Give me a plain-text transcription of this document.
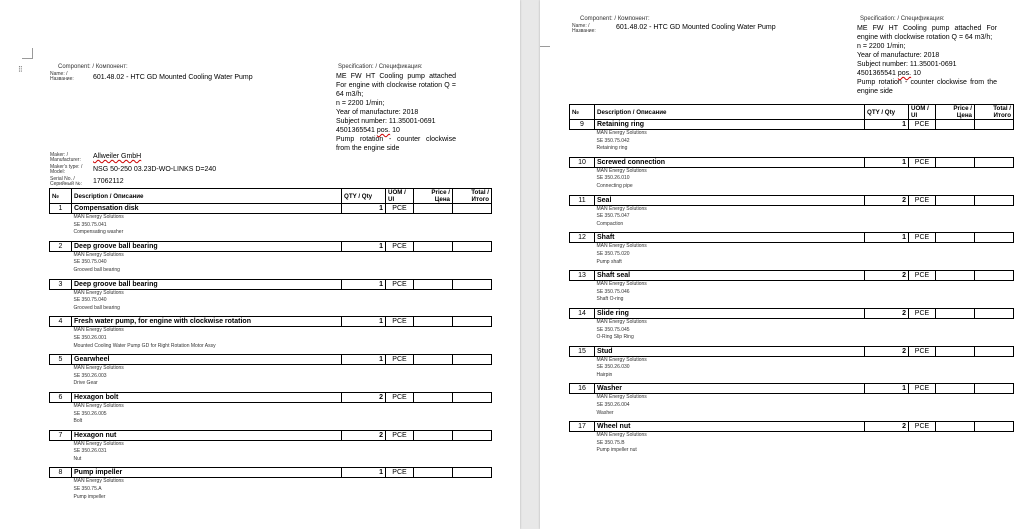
⁝⁝	Component: / Компонент:
Name: / Название:	601.48.02 - HTC GD Mounted Cooling Water Pump
Specification: / Спецификация:

ME FW HT Cooling pump attached For engine with clockwise rotation Q = 64 m3/h;

n = 2200 1/min;

Year of manufacture: 2018

Subject number: 11.35001-0691

4501365541 pos. 10

Pump rotation - counter clockwise from the engine side

Maker: / Manufacturer:
Allweiler GmbH
Maker's type: / Model:	NSG 50-250 03.23D-WO-LINKS D=240
Serial No. / Серийный №:	17062112
№	Description / Описание	QTY / Qty	UOM / UI	Price / Цена	Total / Итого
1	Compensation disk	1	PCE		
	MAN Energy Solutions				
	SE 350.75.041				
	Compensating washer				

2	Deep groove ball bearing	1	PCE		
	MAN Energy Solutions				
	SE 350.75.040				
	Grooved ball bearing				

3	Deep groove ball bearing	1	PCE		
	MAN Energy Solutions				
	SE 350.75.040				
	Grooved ball bearing				

4	Fresh water pump, for engine with clockwise rotation	1	PCE		
	MAN Energy Solutions				
	SE 350.26.001				
	Mounted Cooling Water Pump GD for Right Rotation Motor Assy				

5	Gearwheel	1	PCE		
	MAN Energy Solutions				
	SE 350.26.003				
	Drive Gear				

6	Hexagon bolt	2	PCE		
	MAN Energy Solutions				
	SE 350.26.005				
	Bolt				

7	Hexagon nut	2	PCE		
	MAN Energy Solutions				
	SE 350.26.031				
	Nut				

8	Pump impeller	1	PCE		
	MAN Energy Solutions				
	SE 350.75.A				
	Pump impeller				
Component: / Компонент:
Name: / Название:
601.48.02 - HTC GD Mounted Cooling Water Pump
Specification: / Спецификация:

ME FW HT Cooling pump attached For engine with clockwise rotation Q = 64 m3/h;

n = 2200 1/min;

Year of manufacture: 2018

Subject number: 11.35001-0691

4501365541 pos. 10

Pump rotation - counter clockwise from the engine side

№	Description / Описание	QTY / Qty	UOM / UI	Price / Цена	Total / Итого
9	Retaining ring	1	PCE		
	MAN Energy Solutions				
	SE 350.75.042				
	Retaining ring				

10	Screwed connection	1	PCE		
	MAN Energy Solutions				
	SE 350.26.010				
	Connecting pipe				

11	Seal	2	PCE		
	MAN Energy Solutions				
	SE 350.75.047				
	Compaction				

12	Shaft	1	PCE		
	MAN Energy Solutions				
	SE 350.75.020				
	Pump shaft				

13	Shaft seal	2	PCE		
	MAN Energy Solutions				
	SE 350.75.046				
	Shaft O-ring				

14	Slide ring	2	PCE		
	MAN Energy Solutions				
	SE 350.75.045				
	O-Ring Slip Ring				

15	Stud	2	PCE		
	MAN Energy Solutions				
	SE 350.26.030				
	Hairpin				

16	Washer	1	PCE		
	MAN Energy Solutions				
	SE 350.26.004				
	Washer				

17	Wheel nut	2	PCE		
	MAN Energy Solutions				
	SE 350.75.B				
	Pump impeller nut				
